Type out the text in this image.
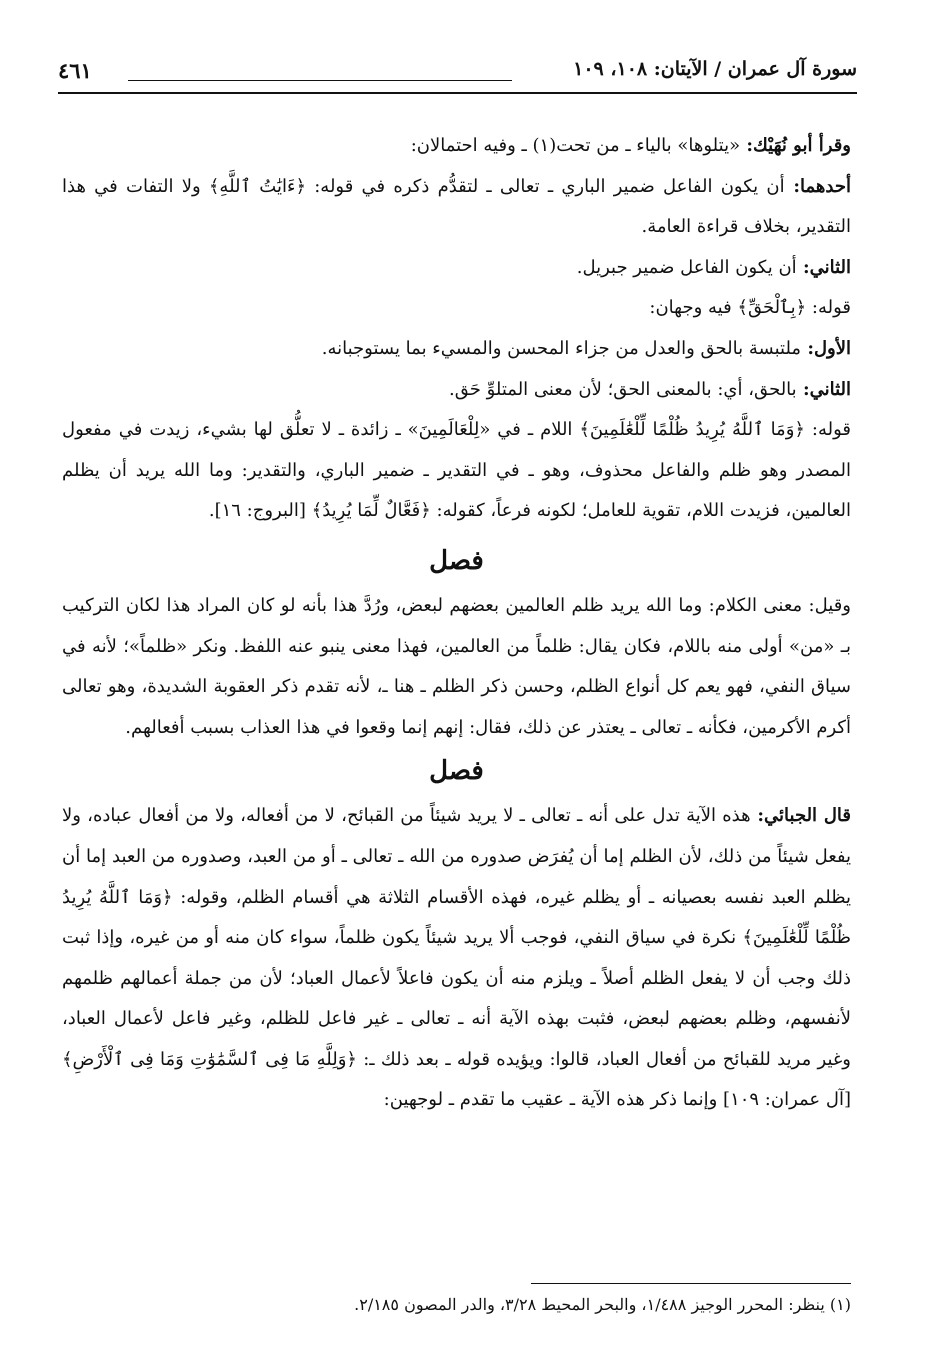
٤٦١	سورة آل عمران / الآيتان: ١٠٨، ١٠٩

وقرأ أبو نُهَيْك: «يتلوها» بالياء ـ من تحت(١) ـ وفيه احتمالان:

أحدهما: أن يكون الفاعل ضمير الباري ـ تعالى ـ لتقدُّم ذكره في قوله: ﴿ءَايَٰتُ ٱللَّهِ﴾ ولا التفات في هذا التقدير، بخلاف قراءة العامة.

الثاني: أن يكون الفاعل ضمير جبريل.

قوله: ﴿بِٱلْحَقِّ﴾ فيه وجهان:

الأول: ملتبسة بالحق والعدل من جزاء المحسن والمسيء بما يستوجبانه.

الثاني: بالحق، أي: بالمعنى الحق؛ لأن معنى المتلوِّ حَق.

قوله: ﴿وَمَا ٱللَّهُ يُرِيدُ ظُلْمًا لِّلْعَٰلَمِينَ﴾ اللام ـ في «لِلْعَالَمِينَ» ـ زائدة ـ لا تعلُّق لها بشيء، زيدت في مفعول المصدر وهو ظلم والفاعل محذوف، وهو ـ في التقدير ـ ضمير الباري، والتقدير: وما الله يريد أن يظلم العالمين، فزيدت اللام، تقوية للعامل؛ لكونه فرعاً، كقوله: ﴿فَعَّالٌ لِّمَا يُرِيدُ﴾ [البروج: ١٦].

فصل

وقيل: معنى الكلام: وما الله يريد ظلم العالمين بعضهم لبعض، ورُدَّ هذا بأنه لو كان المراد هذا لكان التركيب بـ «من» أولى منه باللام، فكان يقال: ظلماً من العالمين، فهذا معنى ينبو عنه اللفظ. ونكر «ظلماً»؛ لأنه في سياق النفي، فهو يعم كل أنواع الظلم، وحسن ذكر الظلم ـ هنا ـ، لأنه تقدم ذكر العقوبة الشديدة، وهو تعالى أكرم الأكرمين، فكأنه ـ تعالى ـ يعتذر عن ذلك، فقال: إنهم إنما وقعوا في هذا العذاب بسبب أفعالهم.

فصل

قال الجبائي: هذه الآية تدل على أنه ـ تعالى ـ لا يريد شيئاً من القبائح، لا من أفعاله، ولا من أفعال عباده، ولا يفعل شيئاً من ذلك، لأن الظلم إما أن يُفرَض صدوره من الله ـ تعالى ـ أو من العبد، وصدوره من العبد إما أن يظلم العبد نفسه بعصيانه ـ أو يظلم غيره، فهذه الأقسام الثلاثة هي أقسام الظلم، وقوله: ﴿وَمَا ٱللَّهُ يُرِيدُ ظُلْمًا لِّلْعَٰلَمِينَ﴾ نكرة في سياق النفي، فوجب ألا يريد شيئاً يكون ظلماً، سواء كان منه أو من غيره، وإذا ثبت ذلك وجب أن لا يفعل الظلم أصلاً ـ ويلزم منه أن يكون فاعلاً لأعمال العباد؛ لأن من جملة أعمالهم ظلمهم لأنفسهم، وظلم بعضهم لبعض، فثبت بهذه الآية أنه ـ تعالى ـ غير فاعل للظلم، وغير فاعل لأعمال العباد، وغير مريد للقبائح من أفعال العباد، قالوا: ويؤيده قوله ـ بعد ذلك ـ: ﴿وَلِلَّهِ مَا فِى ٱلسَّمَٰوَٰتِ وَمَا فِى ٱلْأَرْضِ﴾ [آل عمران: ١٠٩] وإنما ذكر هذه الآية ـ عقيب ما تقدم ـ لوجهين:

(١) ينظر: المحرر الوجيز ١/٤٨٨، والبحر المحيط ٣/٢٨، والدر المصون ٢/١٨٥.
